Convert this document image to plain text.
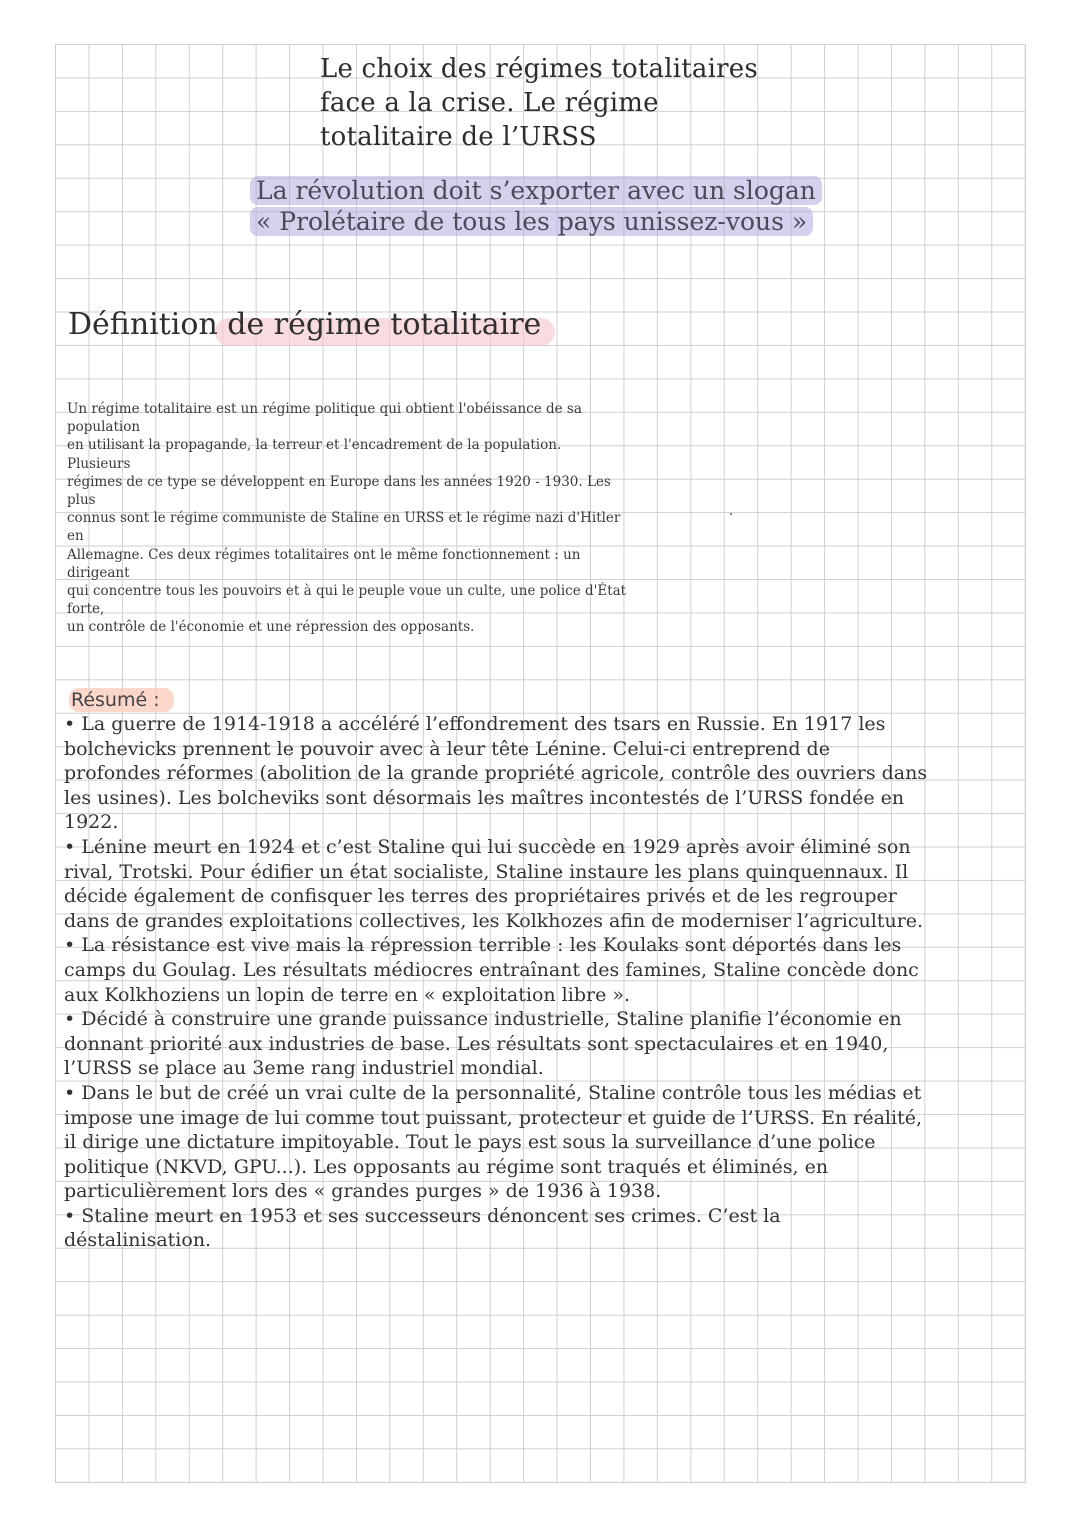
Le choix des régimes totalitaires face a la crise. Le régime totalitaire de l’URSS
La révolution doit s’exporter avec un slogan
« Prolétaire de tous les pays unissez-vous »
Définition de régime totalitaire
Un régime totalitaire est un régime politique qui obtient l'obéissance de sa
population
en utilisant la propagande, la terreur et l'encadrement de la population.
Plusieurs
régimes de ce type se développent en Europe dans les années 1920 - 1930. Les
plus
connus sont le régime communiste de Staline en URSS et le régime nazi d'Hitler
en
Allemagne. Ces deux régimes totalitaires ont le même fonctionnement : un
dirigeant
qui concentre tous les pouvoirs et à qui le peuple voue un culte, une police d'État
forte,
un contrôle de l'économie et une répression des opposants.
Résumé :

• La guerre de 1914-1918 a accéléré l’effondrement des tsars en Russie. En 1917 les
bolchevicks prennent le pouvoir avec à leur tête Lénine. Celui-ci entreprend de
profondes réformes (abolition de la grande propriété agricole, contrôle des ouvriers dans
les usines). Les bolcheviks sont désormais les maîtres incontestés de l’URSS fondée en
1922.

• Lénine meurt en 1924 et c’est Staline qui lui succède en 1929 après avoir éliminé son
rival, Trotski. Pour édifier un état socialiste, Staline instaure les plans quinquennaux. Il
décide également de confisquer les terres des propriétaires privés et de les regrouper
dans de grandes exploitations collectives, les Kolkhozes afin de moderniser l’agriculture.

• La résistance est vive mais la répression terrible : les Koulaks sont déportés dans les
camps du Goulag. Les résultats médiocres entraînant des famines, Staline concède donc
aux Kolkhoziens un lopin de terre en « exploitation libre ».

• Décidé à construire une grande puissance industrielle, Staline planifie l’économie en
donnant priorité aux industries de base. Les résultats sont spectaculaires et en 1940,
l’URSS se place au 3eme rang industriel mondial.

• Dans le but de créé un vrai culte de la personnalité, Staline contrôle tous les médias et
impose une image de lui comme tout puissant, protecteur et guide de l’URSS. En réalité,
il dirige une dictature impitoyable. Tout le pays est sous la surveillance d’une police
politique (NKVD, GPU...). Les opposants au régime sont traqués et éliminés, en
particulièrement lors des « grandes purges » de 1936 à 1938.

• Staline meurt en 1953 et ses successeurs dénoncent ses crimes. C’est la
déstalinisation.
